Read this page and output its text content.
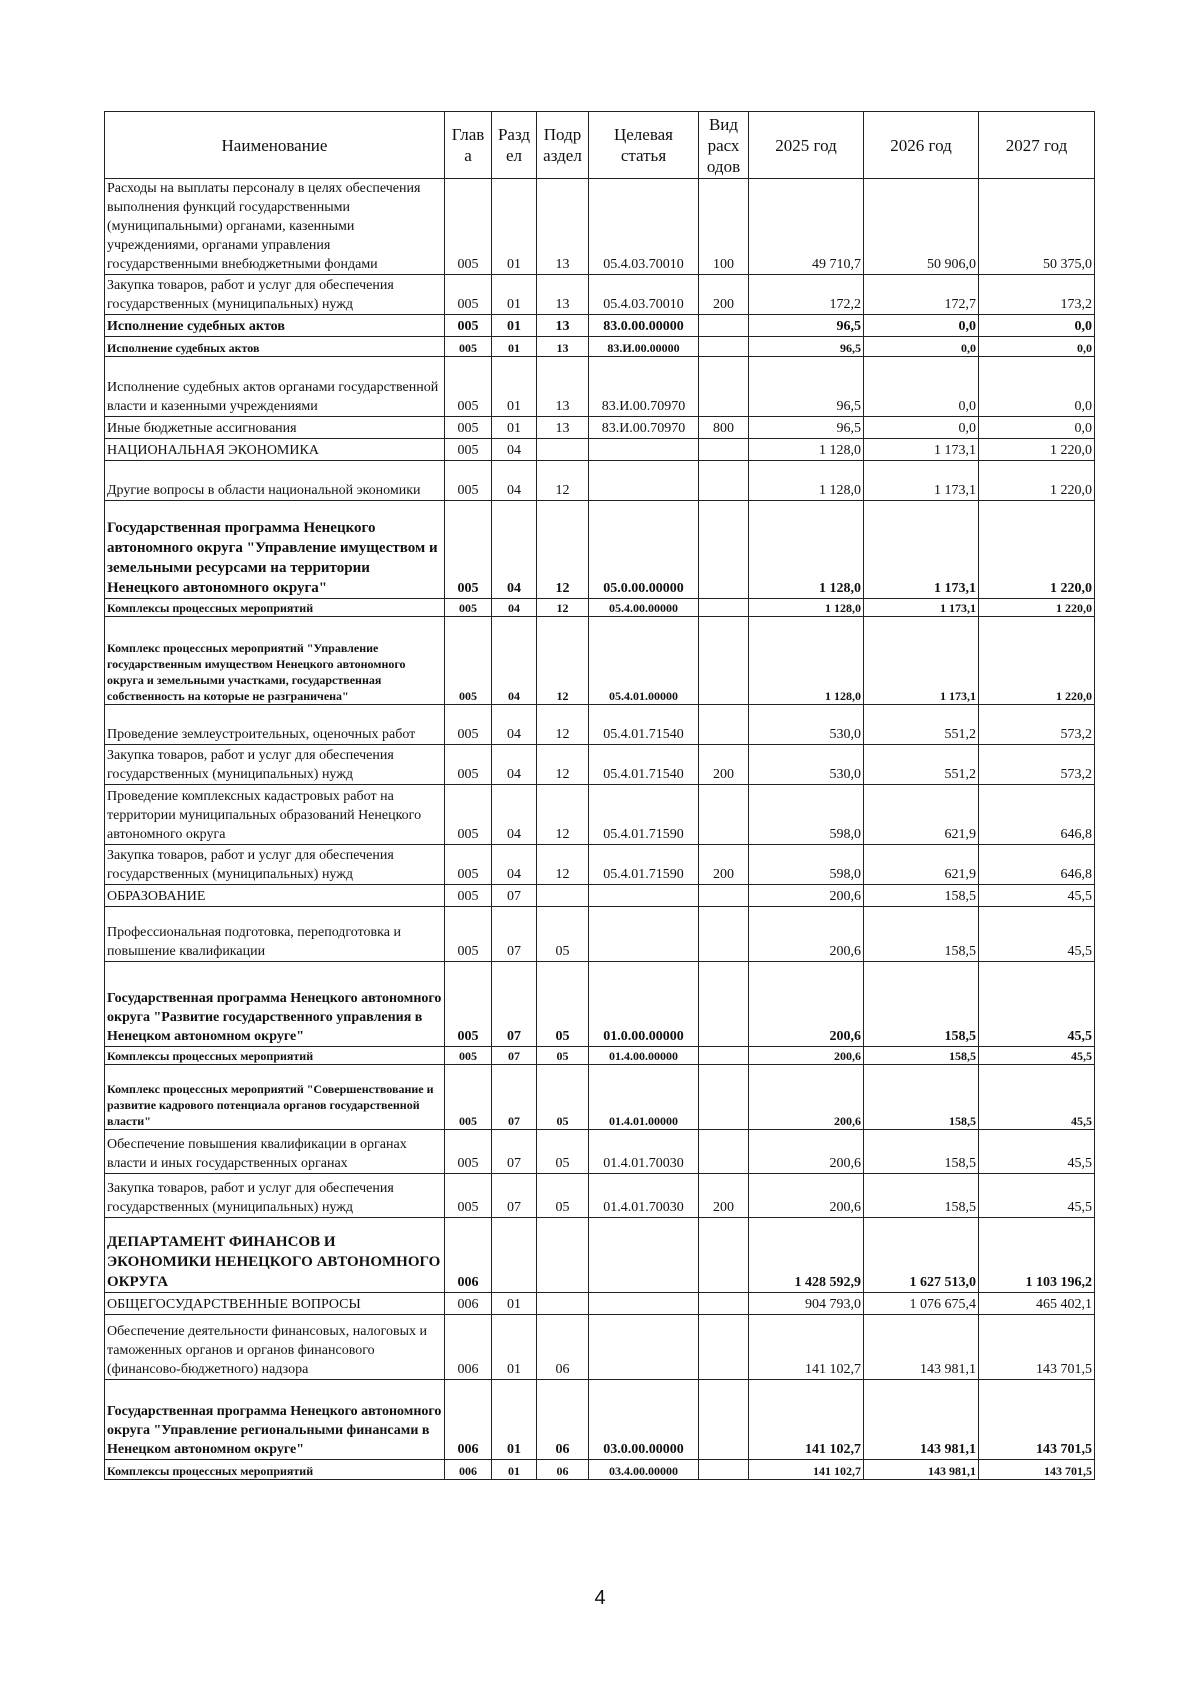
Наименование	Глав а	Разд ел	Подр аздел	Целевая статья	Вид расх одов	2025 год	2026 год	2027 год
Расходы на выплаты персоналу в целях обеспечения выполнения функций государственными (муниципальными) органами, казенными учреждениями, органами управления государственными внебюджетными фондами	005	01	13	05.4.03.70010	100	49 710,7	50 906,0	50 375,0
Закупка товаров, работ и услуг для обеспечения государственных (муниципальных) нужд	005	01	13	05.4.03.70010	200	172,2	172,7	173,2
Исполнение судебных актов	005	01	13	83.0.00.00000		96,5	0,0	0,0
Исполнение судебных актов	005	01	13	83.И.00.00000		96,5	0,0	0,0
Исполнение судебных актов органами государственной власти и казенными учреждениями	005	01	13	83.И.00.70970		96,5	0,0	0,0
Иные бюджетные ассигнования	005	01	13	83.И.00.70970	800	96,5	0,0	0,0
НАЦИОНАЛЬНАЯ ЭКОНОМИКА	005	04				1 128,0	1 173,1	1 220,0
Другие вопросы в области национальной экономики	005	04	12			1 128,0	1 173,1	1 220,0
Государственная программа Ненецкого автономного округа "Управление имуществом и земельными ресурсами на территории Ненецкого автономного округа"	005	04	12	05.0.00.00000		1 128,0	1 173,1	1 220,0
Комплексы процессных мероприятий	005	04	12	05.4.00.00000		1 128,0	1 173,1	1 220,0
Комплекс процессных мероприятий "Управление государственным имуществом Ненецкого автономного округа и земельными участками, государственная собственность на которые не разграничена"	005	04	12	05.4.01.00000		1 128,0	1 173,1	1 220,0
Проведение землеустроительных, оценочных работ	005	04	12	05.4.01.71540		530,0	551,2	573,2
Закупка товаров, работ и услуг для обеспечения государственных (муниципальных) нужд	005	04	12	05.4.01.71540	200	530,0	551,2	573,2
Проведение комплексных кадастровых работ на территории муниципальных образований Ненецкого автономного округа	005	04	12	05.4.01.71590		598,0	621,9	646,8
Закупка товаров, работ и услуг для обеспечения государственных (муниципальных) нужд	005	04	12	05.4.01.71590	200	598,0	621,9	646,8
ОБРАЗОВАНИЕ	005	07				200,6	158,5	45,5
Профессиональная подготовка, переподготовка и повышение квалификации	005	07	05			200,6	158,5	45,5
Государственная программа Ненецкого автономного округа "Развитие государственного управления в Ненецком автономном округе"	005	07	05	01.0.00.00000		200,6	158,5	45,5
Комплексы процессных мероприятий	005	07	05	01.4.00.00000		200,6	158,5	45,5
Комплекс процессных мероприятий "Совершенствование и развитие кадрового потенциала органов государственной власти"	005	07	05	01.4.01.00000		200,6	158,5	45,5
Обеспечение повышения квалификации в органах власти и иных государственных органах	005	07	05	01.4.01.70030		200,6	158,5	45,5
Закупка товаров, работ и услуг для обеспечения государственных (муниципальных) нужд	005	07	05	01.4.01.70030	200	200,6	158,5	45,5
ДЕПАРТАМЕНТ ФИНАНСОВ И ЭКОНОМИКИ НЕНЕЦКОГО АВТОНОМНОГО ОКРУГА	006					1 428 592,9	1 627 513,0	1 103 196,2
ОБЩЕГОСУДАРСТВЕННЫЕ ВОПРОСЫ	006	01				904 793,0	1 076 675,4	465 402,1
Обеспечение деятельности финансовых, налоговых и таможенных органов и органов финансового (финансово-бюджетного) надзора	006	01	06			141 102,7	143 981,1	143 701,5
Государственная программа Ненецкого автономного округа "Управление региональными финансами в Ненецком автономном округе"	006	01	06	03.0.00.00000		141 102,7	143 981,1	143 701,5
Комплексы процессных мероприятий	006	01	06	03.4.00.00000		141 102,7	143 981,1	143 701,5
4
